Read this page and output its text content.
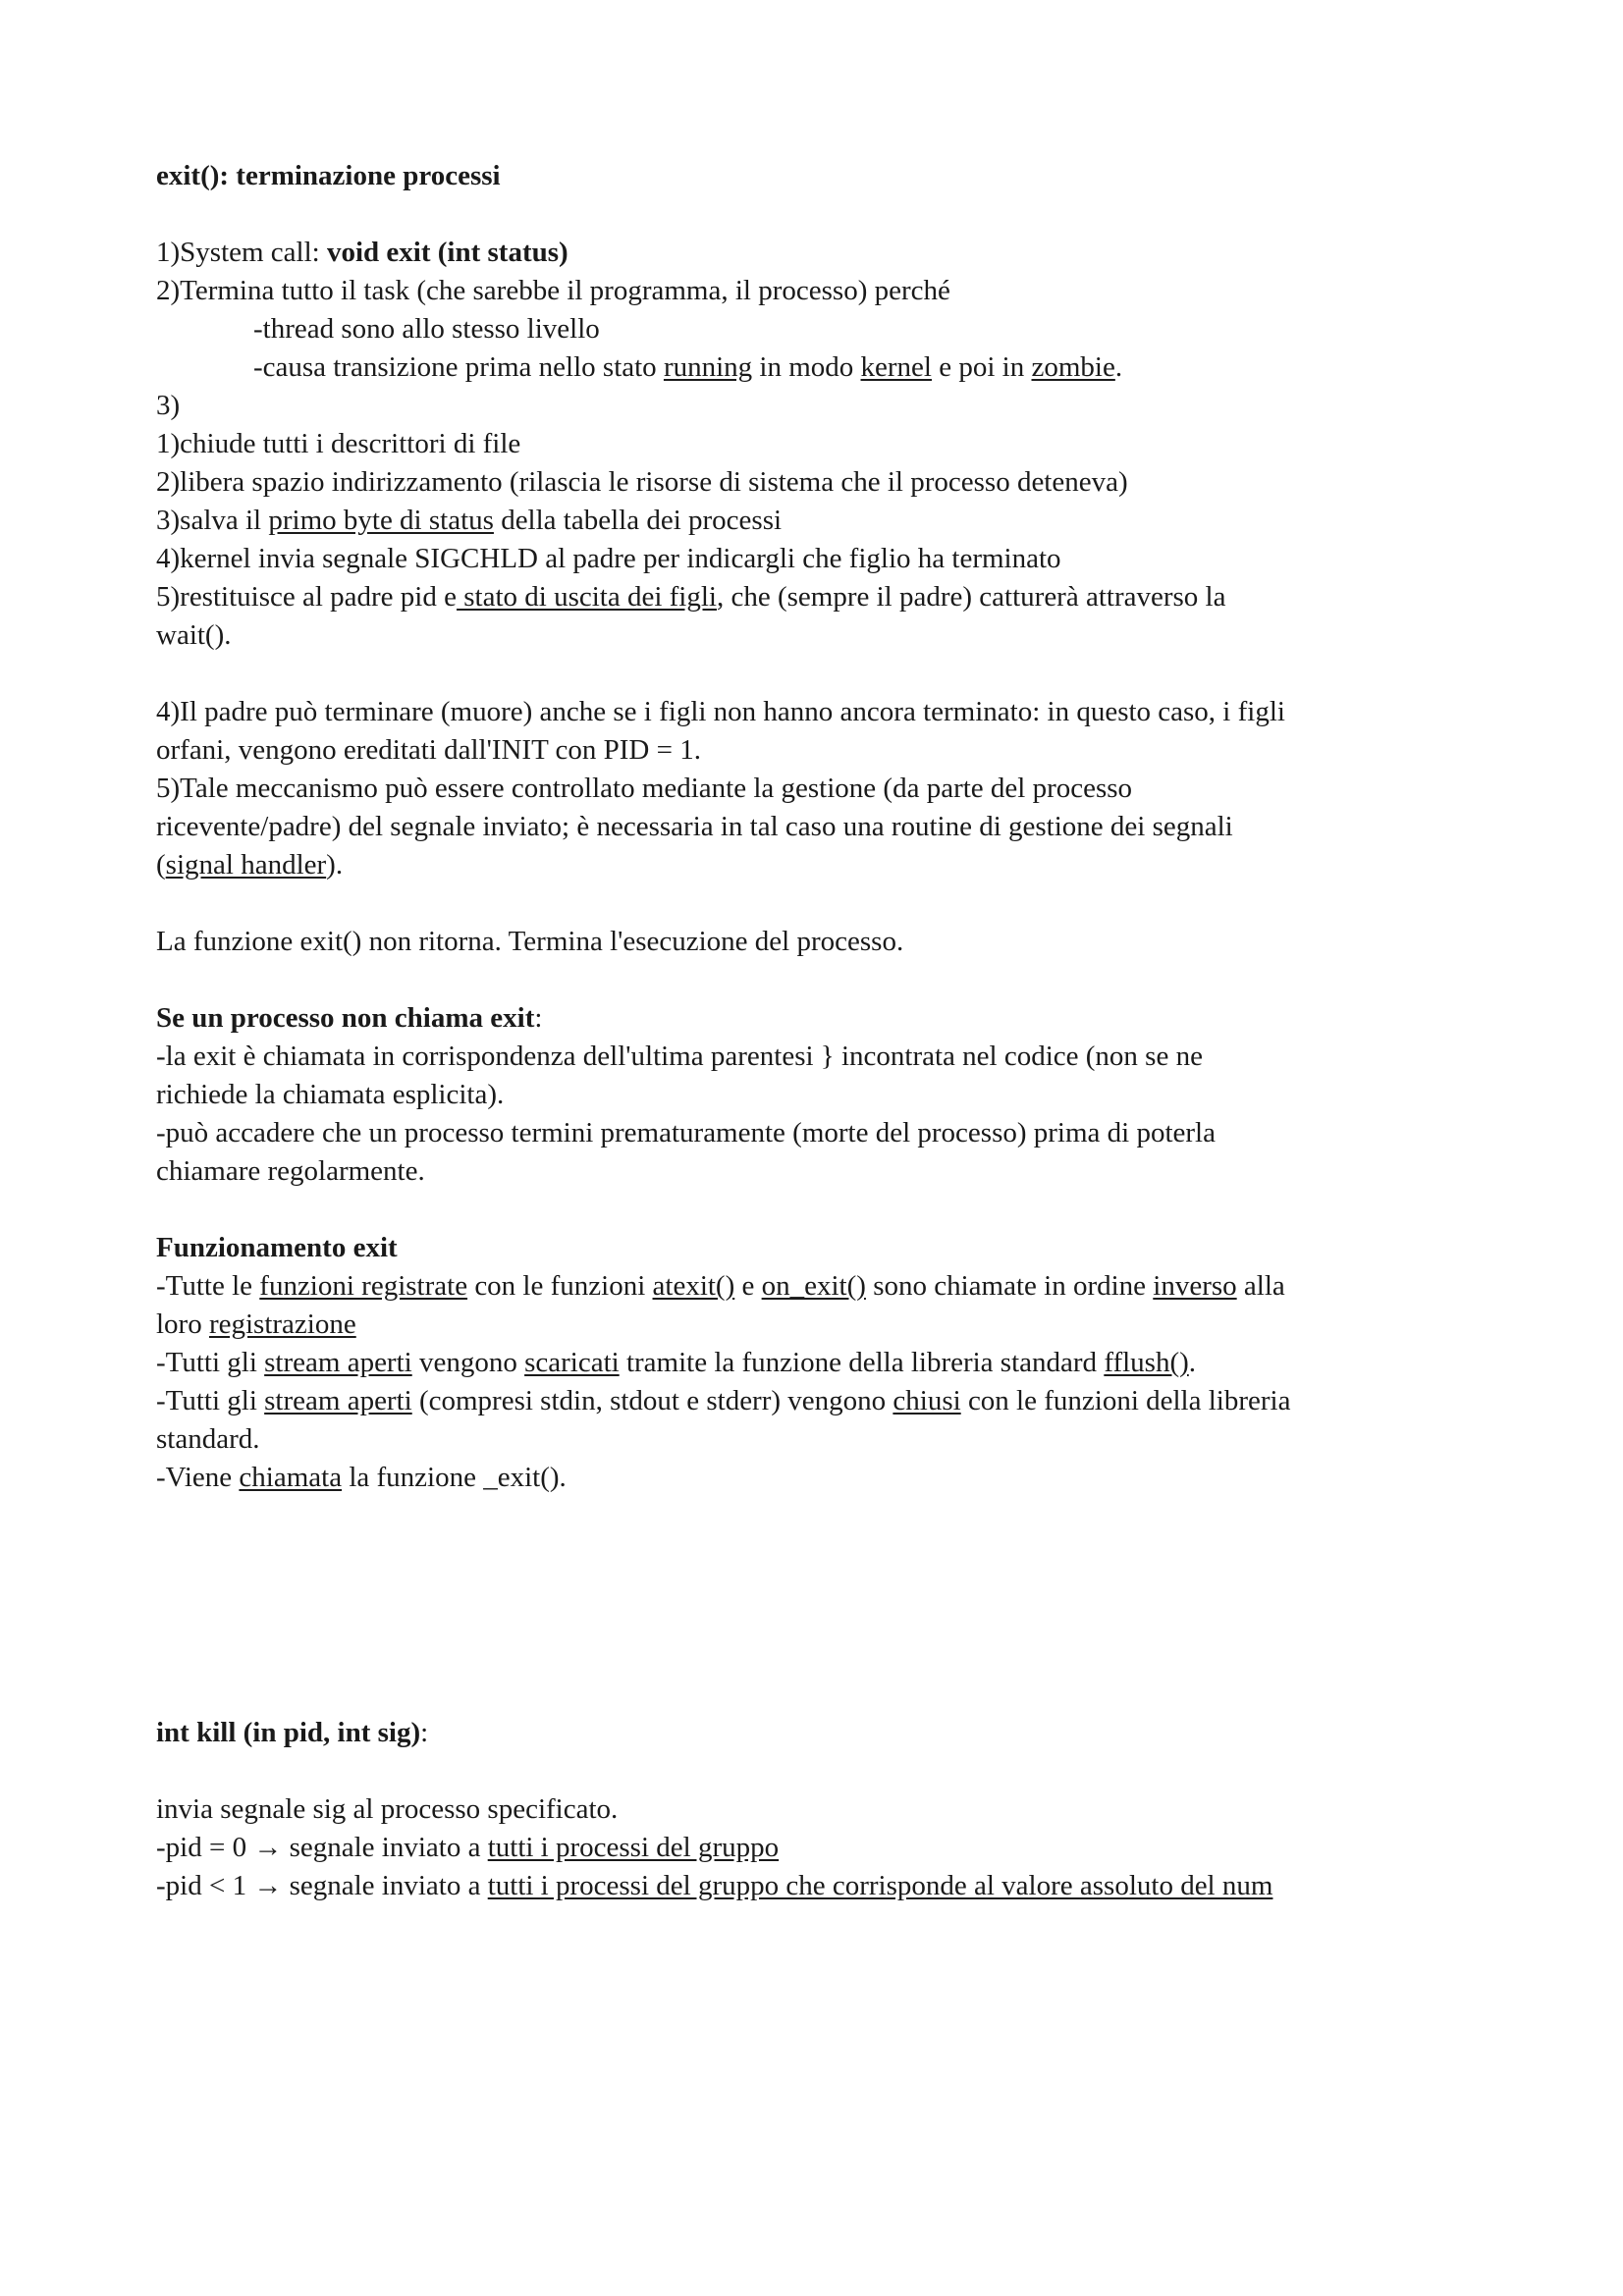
exit(): terminazione processi
1)System call: void exit (int status)
2)Termina tutto il task (che sarebbe il programma, il processo) perché
-thread sono allo stesso livello
-causa transizione prima nello stato running in modo kernel e poi in zombie.
3)
1)chiude tutti i descrittori di file
2)libera spazio indirizzamento (rilascia le risorse di sistema che il processo deteneva)
3)salva il primo byte di status della tabella dei processi
4)kernel invia segnale SIGCHLD al padre per indicargli che figlio ha terminato
5)restituisce al padre pid e stato di uscita dei figli, che (sempre il padre) catturerà attraverso la
wait().
4)Il padre può terminare (muore) anche se i figli non hanno ancora terminato: in questo caso, i figli
orfani, vengono ereditati dall'INIT con PID = 1.
5)Tale meccanismo può essere controllato mediante la gestione (da parte del processo
ricevente/padre) del segnale inviato; è necessaria in tal caso una routine di gestione dei segnali
(signal handler).
La funzione exit() non ritorna. Termina l'esecuzione del processo.
Se un processo non chiama exit:
-la exit è chiamata in corrispondenza dell'ultima parentesi } incontrata nel codice (non se ne
richiede la chiamata esplicita).
-può accadere che un processo termini prematuramente (morte del processo) prima di poterla
chiamare regolarmente.
Funzionamento exit
-Tutte le funzioni registrate con le funzioni atexit() e on_exit() sono chiamate in ordine inverso alla
loro registrazione
-Tutti gli stream aperti vengono scaricati tramite la funzione della libreria standard fflush().
-Tutti gli stream aperti (compresi stdin, stdout e stderr) vengono chiusi con le funzioni della libreria
standard.
-Viene chiamata la funzione _exit().
int kill (in pid, int sig):
invia segnale sig al processo specificato.
-pid = 0 → segnale inviato a tutti i processi del gruppo
-pid < 1 → segnale inviato a tutti i processi del gruppo che corrisponde al valore assoluto del num
